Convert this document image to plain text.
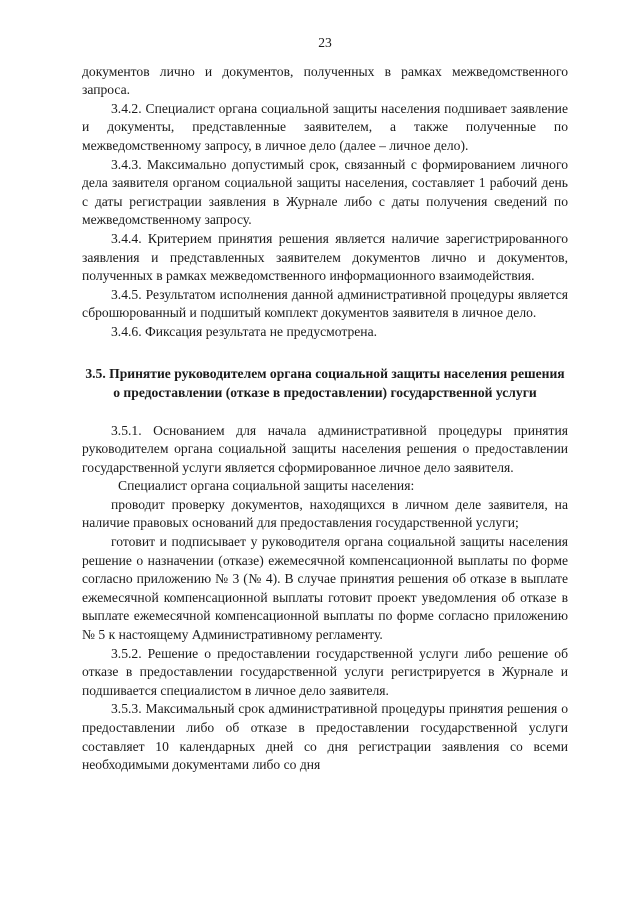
23

документов лично и документов, полученных в рамках межведомственного запроса.

3.4.2. Специалист органа социальной защиты населения подшивает заявление и документы, представленные заявителем, а также полученные по межведомственному запросу, в личное дело (далее – личное дело).

3.4.3. Максимально допустимый срок, связанный с формированием личного дела заявителя органом социальной защиты населения, составляет 1 рабочий день с даты регистрации заявления в Журнале либо с даты получения сведений по межведомственному запросу.

3.4.4. Критерием принятия решения является наличие зарегистрированного заявления и представленных заявителем документов лично и документов, полученных в рамках межведомственного информационного взаимодействия.

3.4.5. Результатом исполнения данной административной процедуры является сброшюрованный и подшитый комплект документов заявителя в личное дело.

3.4.6. Фиксация результата не предусмотрена.

3.5. Принятие руководителем органа социальной защиты населения решения о предоставлении (отказе в предоставлении) государственной услуги

3.5.1. Основанием для начала административной процедуры принятия руководителем органа социальной защиты населения решения о предоставлении государственной услуги является сформированное личное дело заявителя.

Специалист органа социальной защиты населения:

проводит проверку документов, находящихся в личном деле заявителя, на наличие правовых оснований для предоставления государственной услуги;

готовит и подписывает у руководителя органа социальной защиты населения решение о назначении (отказе) ежемесячной компенсационной выплаты по форме согласно приложению № 3 (№ 4). В случае принятия решения об отказе в выплате ежемесячной компенсационной выплаты готовит проект уведомления об отказе в выплате ежемесячной компенсационной выплаты по форме согласно приложению № 5 к настоящему Административному регламенту.

3.5.2. Решение о предоставлении государственной услуги либо решение об отказе в предоставлении государственной услуги регистрируется в Журнале и подшивается специалистом в личное дело заявителя.

3.5.3. Максимальный срок административной процедуры принятия решения о предоставлении либо об отказе в предоставлении государственной услуги составляет 10 календарных дней со дня регистрации заявления со всеми необходимыми документами либо со дня
